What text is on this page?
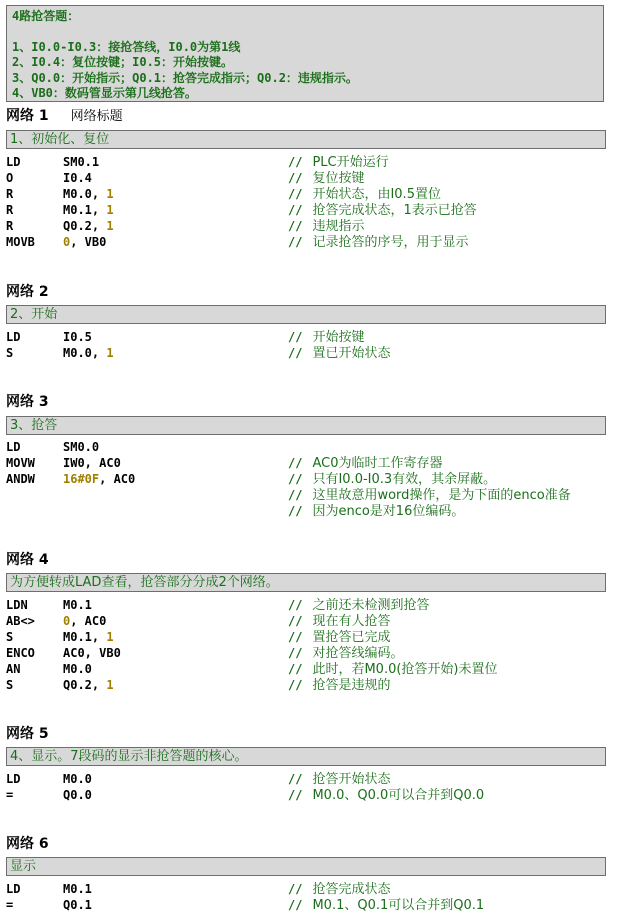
4路抢答题：
1、I0.0-I0.3：接抢答线，I0.0为第1线
2、I0.4：复位按键；I0.5：开始按键。
3、Q0.0：开始指示；Q0.1：抢答完成指示；Q0.2：违规指示。
4、VB0：数码管显示第几线抢答。
网络 1 网络标题
1、初始化、复位
LD	SM0.1	// PLC开始运行
O	I0.4	// 复位按键
R	M0.0, 1	// 开始状态，由I0.5置位
R	M0.1, 1	// 抢答完成状态，1表示已抢答
R	Q0.2, 1	// 违规指示
MOVB 0, VB0	// 记录抢答的序号，用于显示
网络 2
2、开始
LD	I0.5	// 开始按键
S	M0.0, 1	// 置已开始状态
网络 3
3、抢答
LD	SM0.0
MOVW IW0, AC0	// AC0为临时工作寄存器
ANDW 16#0F, AC0	// 只有I0.0-I0.3有效，其余屏蔽。
// 这里故意用word操作，是为下面的enco准备
// 因为enco是对16位编码。
网络 4
为方便转成LAD查看，抢答部分分成2个网络。
LDN	M0.1	// 之前还未检测到抢答
AB<> 0, AC0	// 现在有人抢答
S	M0.1, 1	// 置抢答已完成
ENCO AC0, VB0	// 对抢答线编码。
AN	M0.0	// 此时，若M0.0(抢答开始)未置位
S	Q0.2, 1	// 抢答是违规的
网络 5
4、显示。7段码的显示非抢答题的核心。
LD	M0.0	// 抢答开始状态
=	Q0.0	// M0.0、Q0.0可以合并到Q0.0
网络 6
显示
LD	M0.1	// 抢答完成状态
=	Q0.1	// M0.1、Q0.1可以合并到Q0.1
